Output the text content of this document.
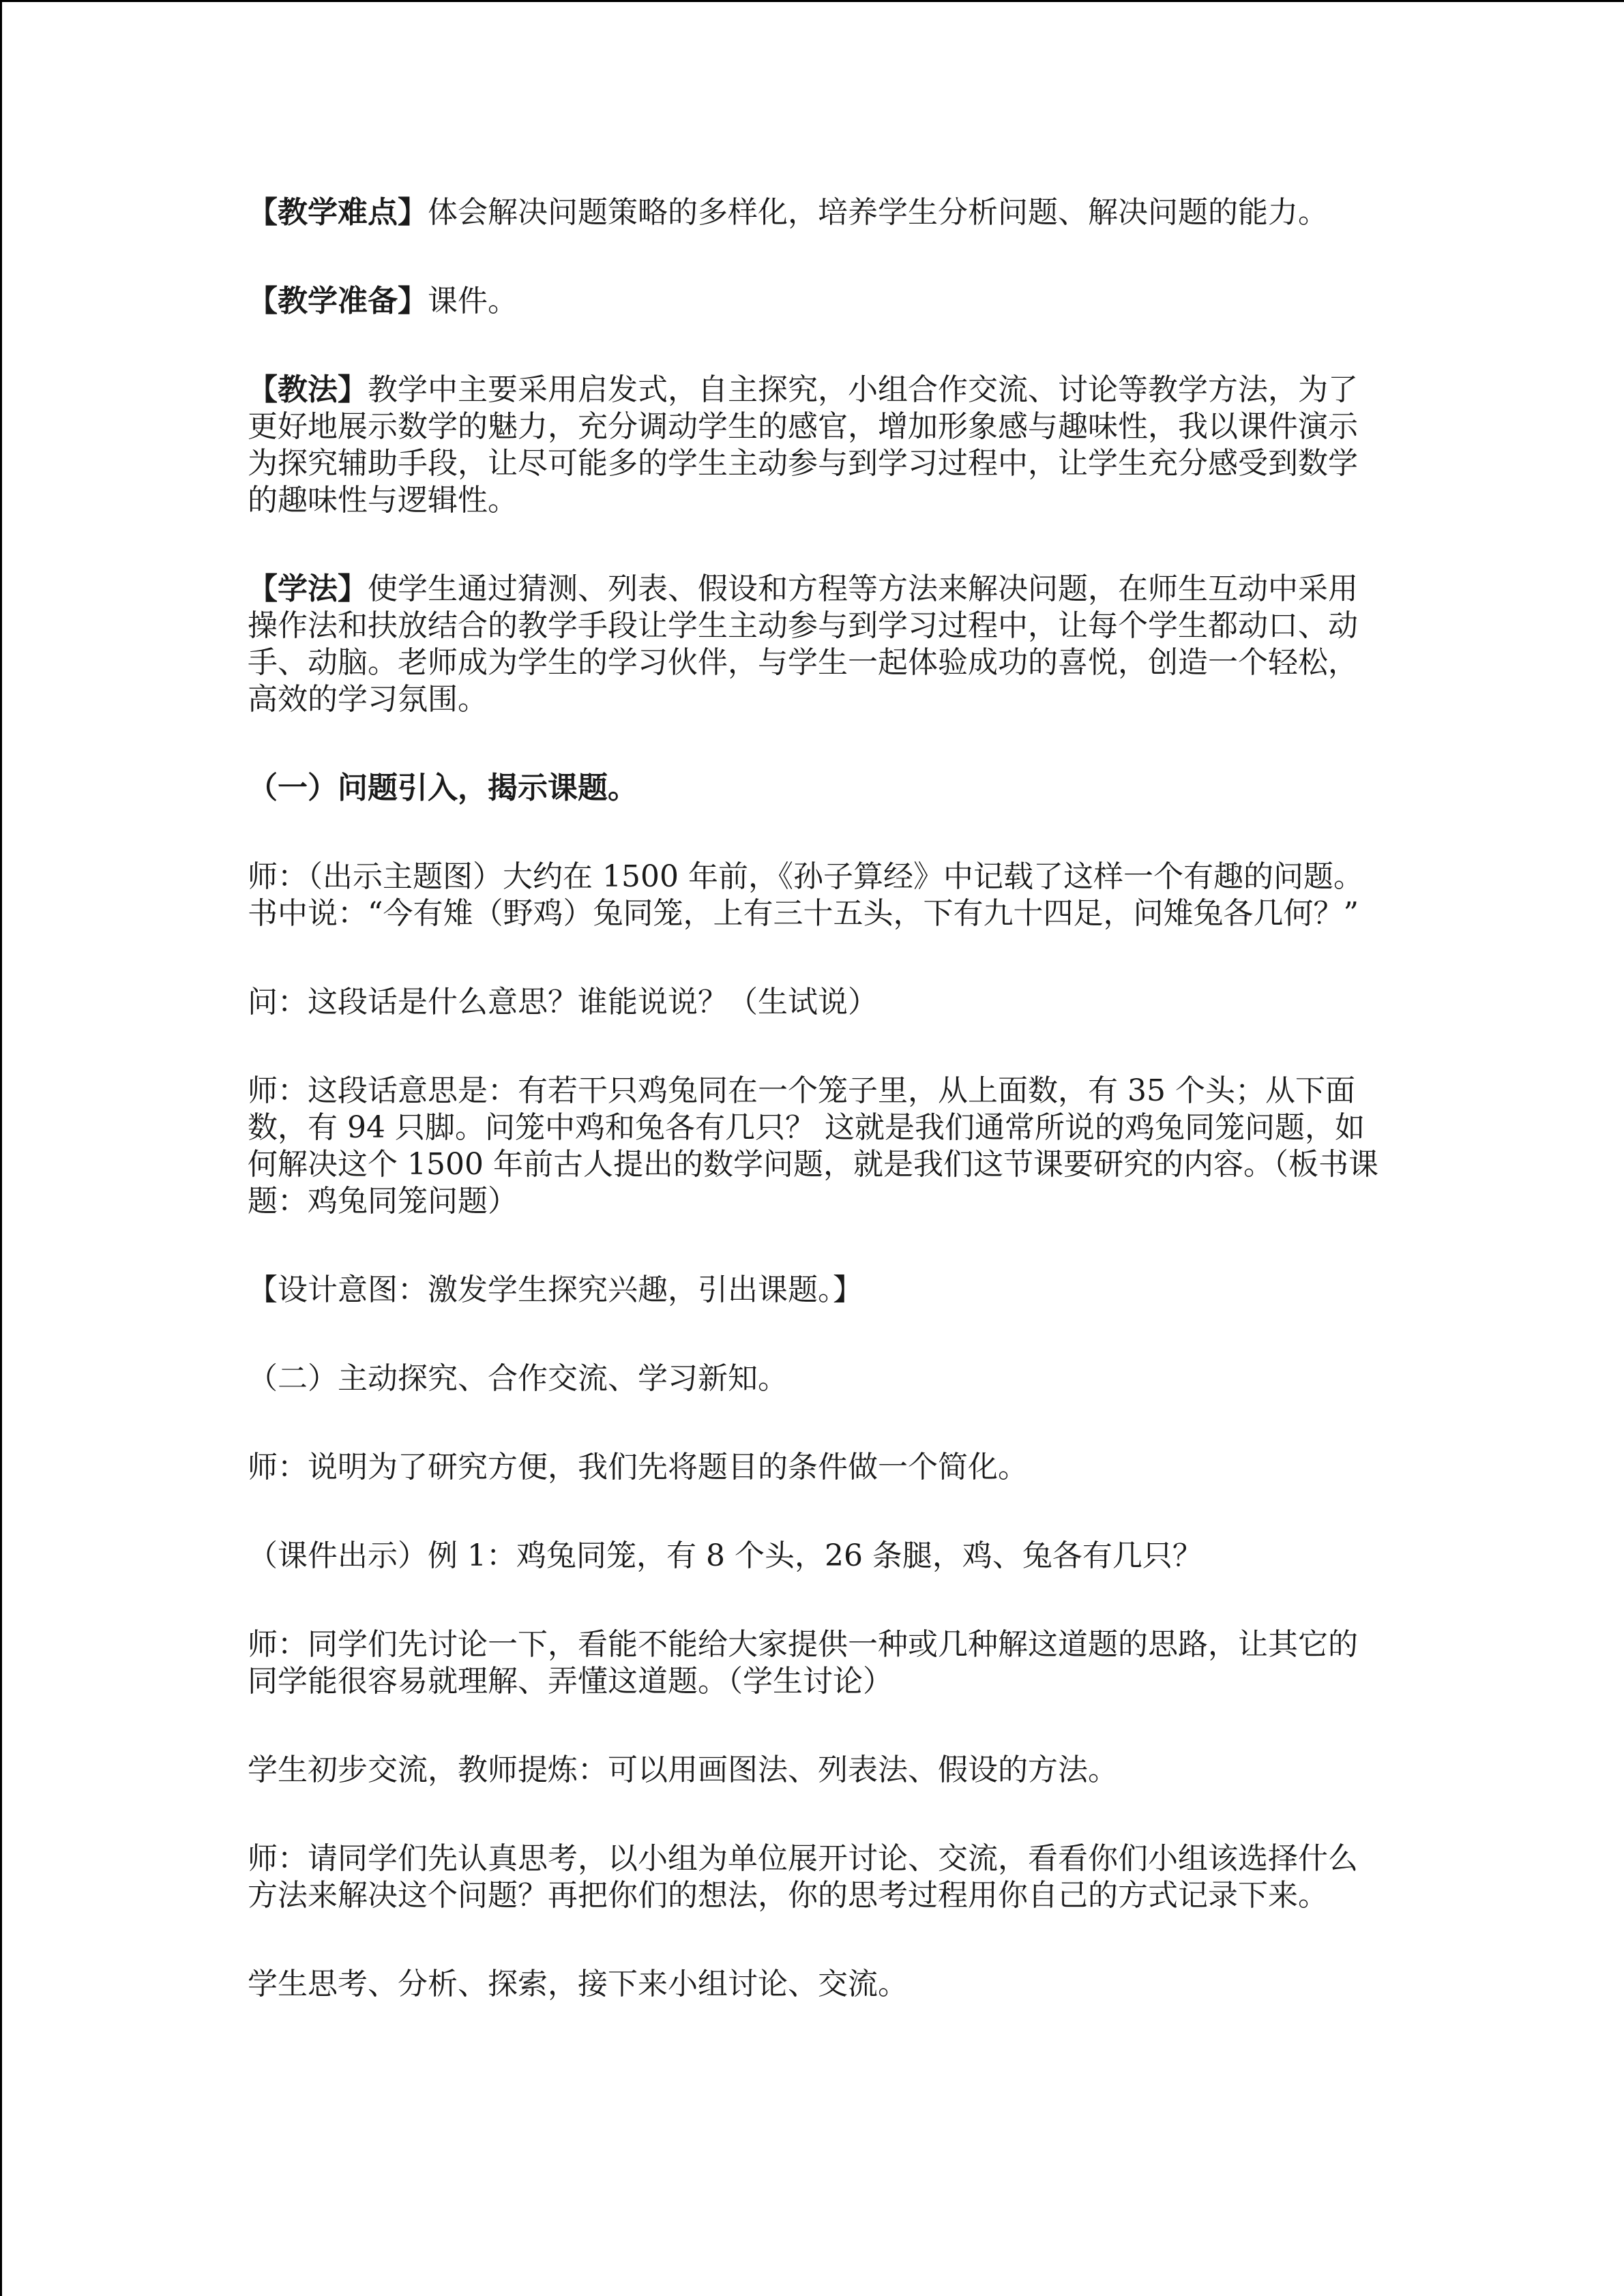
【教学难点】体会解决问题策略的多样化，培养学生分析问题、解决问题的能力。

【教学准备】课件。

【教法】教学中主要采用启发式，自主探究，小组合作交流、讨论等教学方法，为了更好地展示数学的魅力，充分调动学生的感官，增加形象感与趣味性，我以课件演示为探究辅助手段，让尽可能多的学生主动参与到学习过程中，让学生充分感受到数学的趣味性与逻辑性。

【学法】使学生通过猜测、列表、假设和方程等方法来解决问题，在师生互动中采用操作法和扶放结合的教学手段让学生主动参与到学习过程中，让每个学生都动口、动手、动脑。老师成为学生的学习伙伴，与学生一起体验成功的喜悦，创造一个轻松，高效的学习氛围。

（一）问题引入，揭示课题。

师：（出示主题图）大约在 1500 年前，《孙子算经》中记载了这样一个有趣的问题。书中说：“今有雉（野鸡）兔同笼，上有三十五头，下有九十四足，问雉兔各几何？”

问：这段话是什么意思？谁能说说？（生试说）

师：这段话意思是：有若干只鸡兔同在一个笼子里，从上面数，有 35 个头；从下面数，有 94 只脚。问笼中鸡和兔各有几只？ 这就是我们通常所说的鸡兔同笼问题，如何解决这个 1500 年前古人提出的数学问题，就是我们这节课要研究的内容。（板书课题：鸡兔同笼问题）

【设计意图：激发学生探究兴趣，引出课题。】

（二）主动探究、合作交流、学习新知。

师：说明为了研究方便，我们先将题目的条件做一个简化。

（课件出示）例 1：鸡兔同笼，有 8 个头，26 条腿，鸡、兔各有几只？

师：同学们先讨论一下，看能不能给大家提供一种或几种解这道题的思路，让其它的同学能很容易就理解、弄懂这道题。（学生讨论）

学生初步交流，教师提炼：可以用画图法、列表法、假设的方法。

师：请同学们先认真思考，以小组为单位展开讨论、交流，看看你们小组该选择什么方法来解决这个问题？再把你们的想法，你的思考过程用你自己的方式记录下来。

学生思考、分析、探索，接下来小组讨论、交流。
